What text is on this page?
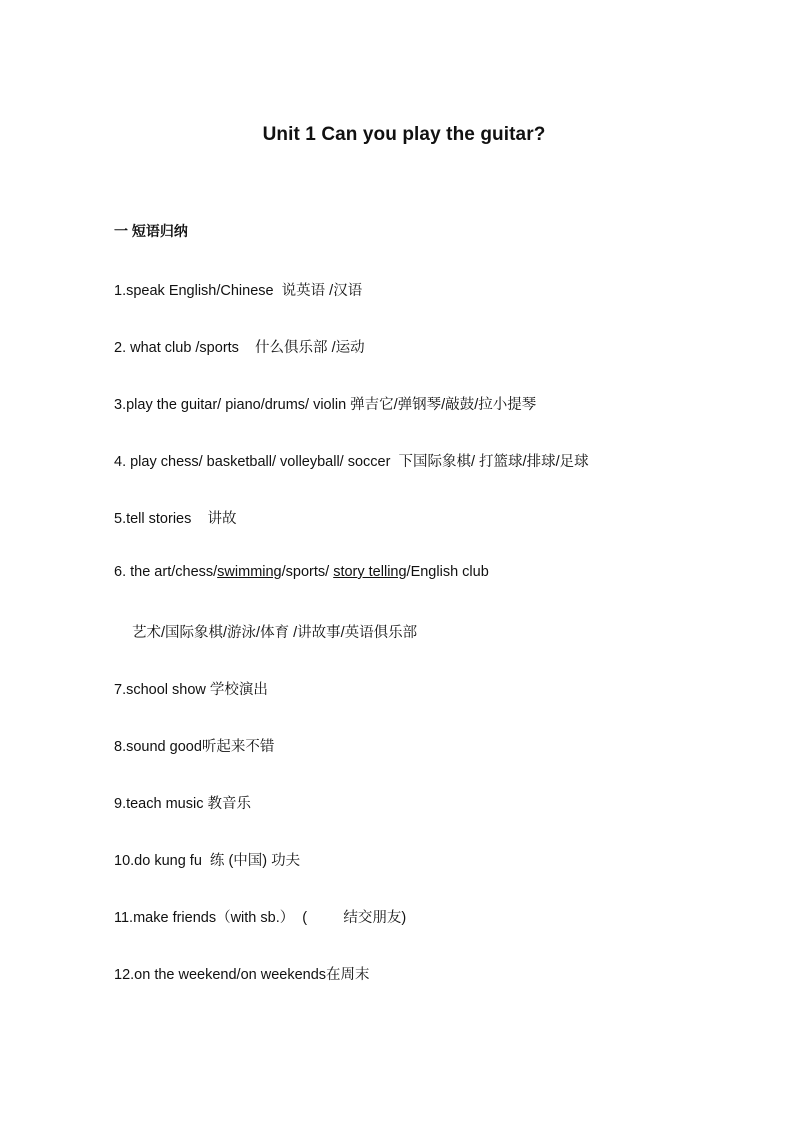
Unit 1 Can you play the guitar?
一 短语归纳
1.speak English/Chinese  说英语 /汉语
2. what club /sports    什么俱乐部 /运动
3.play the guitar/ piano/drums/ violin 弹吉它/弹钢琴/敲鼓/拉小提琴
4. play chess/ basketball/ volleyball/ soccer  下国际象棋/ 打篮球/排球/足球
5.tell stories    讲故
6. the art/chess/swimming/sports/ story telling/English club
艺术/国际象棋/游泳/体育 /讲故事/英语俱乐部
7.school show 学校演出
8.sound good听起来不错
9.teach music 教音乐
10.do kung fu  练 (中国) 功夫
11.make friends（with sb.）  (         结交朋友)
12.on the weekend/on weekends在周末
